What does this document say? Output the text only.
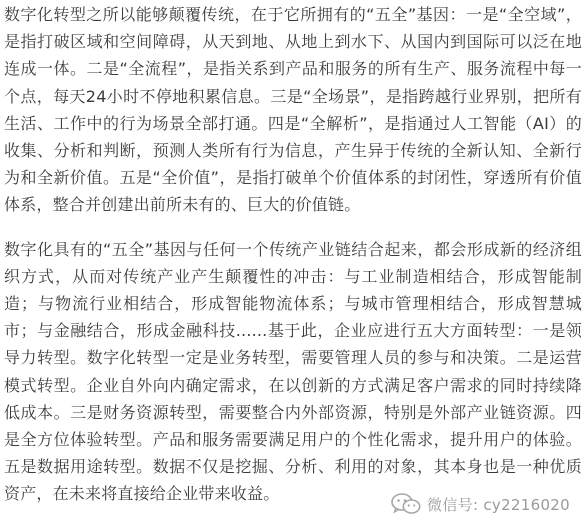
数字化转型之所以能够颠覆传统，在于它所拥有的“五全”基因：一是“全空域”，是指打破区域和空间障碍，从天到地、从地上到水下、从国内到国际可以泛在地连成一体。二是“全流程”，是指关系到产品和服务的所有生产、服务流程中每一个点，每天24小时不停地积累信息。三是“全场景”，是指跨越行业界别，把所有生活、工作中的行为场景全部打通。四是“全解析”，是指通过人工智能（AI）的收集、分析和判断，预测人类所有行为信息，产生异于传统的全新认知、全新行为和全新价值。五是“全价值”，是指打破单个价值体系的封闭性，穿透所有价值体系，整合并创建出前所未有的、巨大的价值链。

数字化具有的“五全”基因与任何一个传统产业链结合起来，都会形成新的经济组织方式，从而对传统产业产生颠覆性的冲击：与工业制造相结合，形成智能制造；与物流行业相结合，形成智能物流体系；与城市管理相结合，形成智慧城市；与金融结合，形成金融科技......基于此，企业应进行五大方面转型：一是领导力转型。数字化转型一定是业务转型，需要管理人员的参与和决策。二是运营模式转型。企业自外向内确定需求，在以创新的方式满足客户需求的同时持续降低成本。三是财务资源转型，需要整合内外部资源，特别是外部产业链资源。四是全方位体验转型。产品和服务需要满足用户的个性化需求，提升用户的体验。五是数据用途转型。数据不仅是挖掘、分析、利用的对象，其本身也是一种优质资产，在未来将直接给企业带来收益。

微信号: cy2216020
